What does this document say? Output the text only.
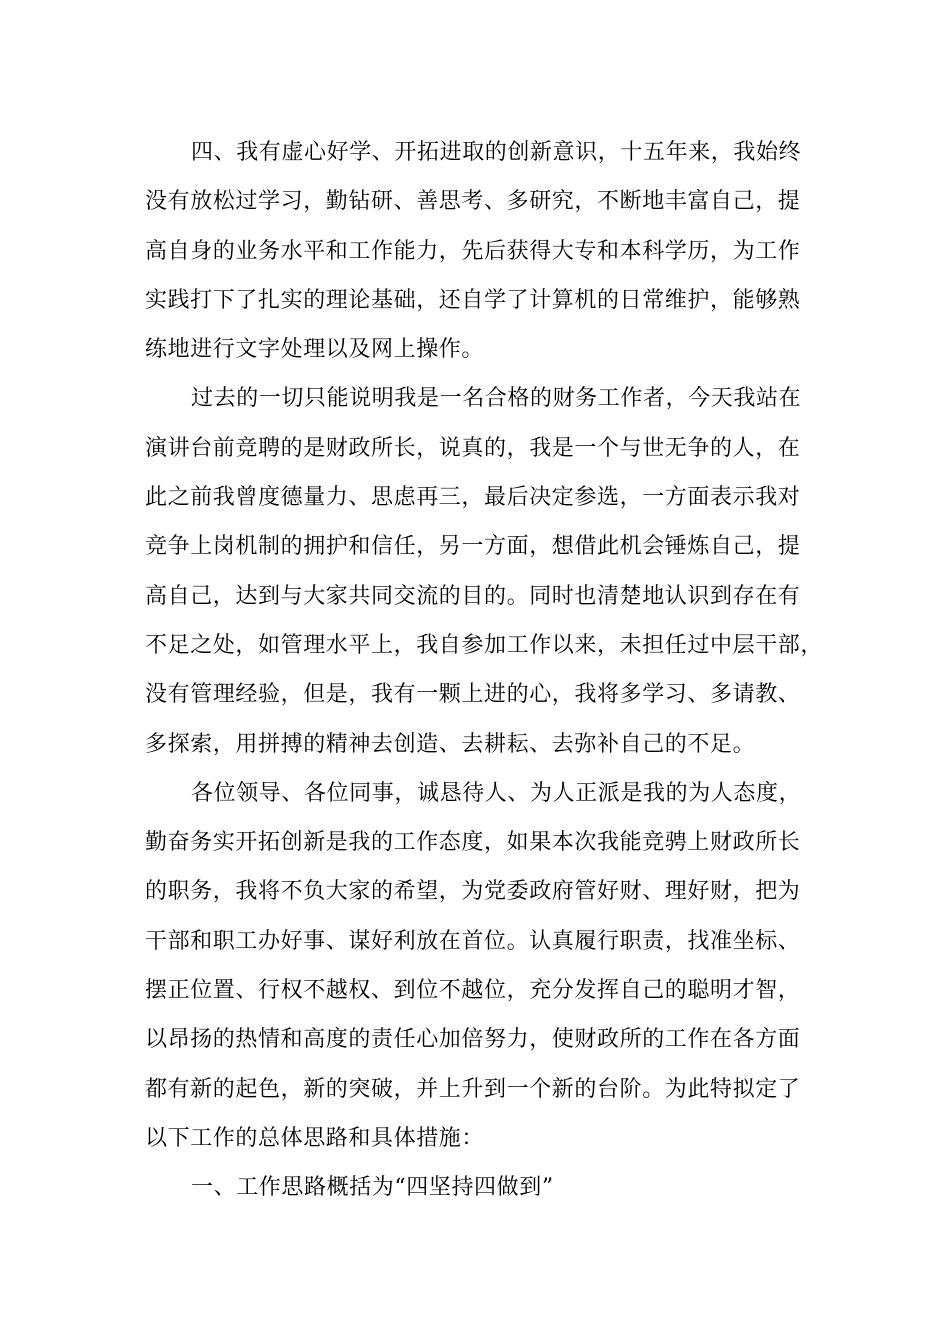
四、我有虚心好学、开拓进取的创新意识，十五年来，我始终
没有放松过学习，勤钻研、善思考、多研究，不断地丰富自己，提
高自身的业务水平和工作能力，先后获得大专和本科学历，为工作
实践打下了扎实的理论基础，还自学了计算机的日常维护，能够熟
练地进行文字处理以及网上操作。
过去的一切只能说明我是一名合格的财务工作者，今天我站在
演讲台前竞聘的是财政所长，说真的，我是一个与世无争的人，在
此之前我曾度德量力、思虑再三，最后决定参选，一方面表示我对
竞争上岗机制的拥护和信任，另一方面，想借此机会锤炼自己，提
高自己，达到与大家共同交流的目的。同时也清楚地认识到存在有
不足之处，如管理水平上，我自参加工作以来，未担任过中层干部，
没有管理经验，但是，我有一颗上进的心，我将多学习、多请教、
多探索，用拼搏的精神去创造、去耕耘、去弥补自己的不足。
各位领导、各位同事，诚恳待人、为人正派是我的为人态度，
勤奋务实开拓创新是我的工作态度，如果本次我能竞骋上财政所长
的职务，我将不负大家的希望，为党委政府管好财、理好财，把为
干部和职工办好事、谋好利放在首位。认真履行职责，找准坐标、
摆正位置、行权不越权、到位不越位，充分发挥自己的聪明才智，
以昂扬的热情和高度的责任心加倍努力，使财政所的工作在各方面
都有新的起色，新的突破，并上升到一个新的台阶。为此特拟定了
以下工作的总体思路和具体措施：
一、工作思路概括为“四坚持四做到”
